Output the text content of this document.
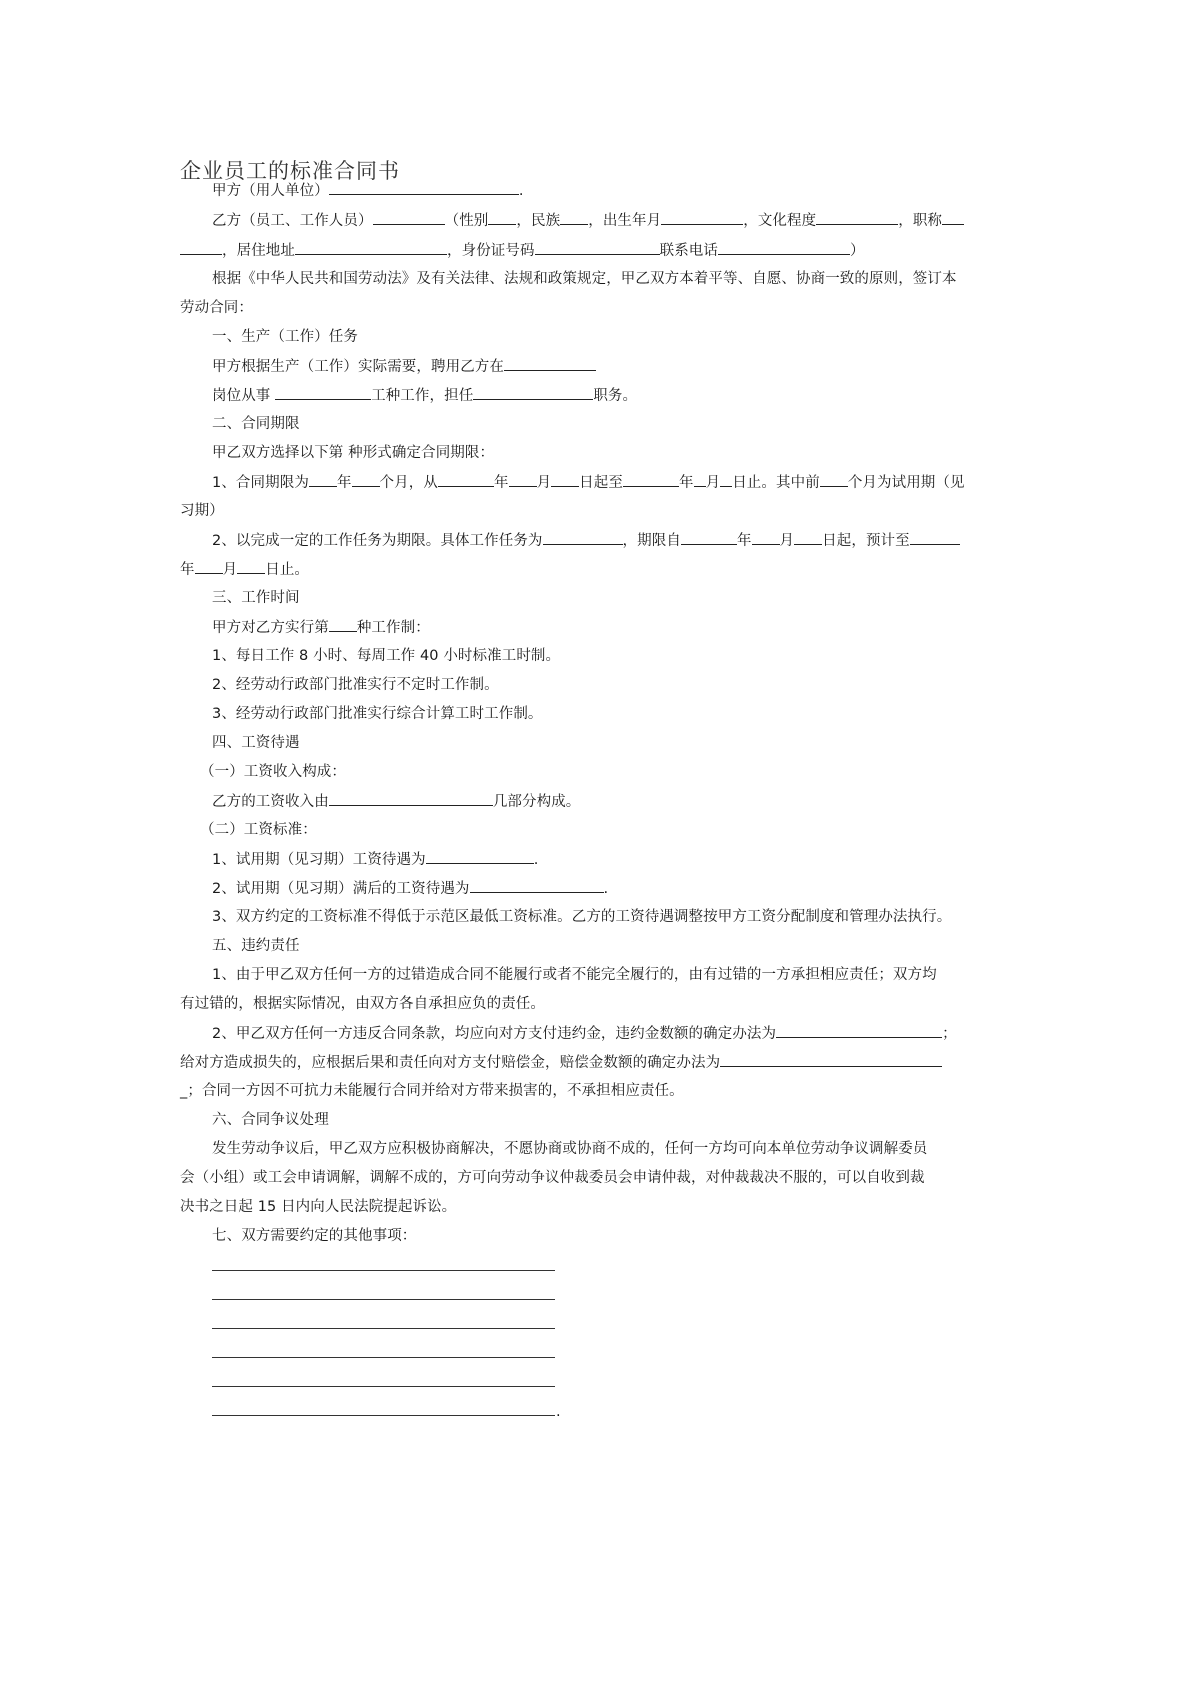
企业员工的标准合同书
甲方（用人单位）	.
乙方（员工、工作人员）	（性别 ，民族 ，出生年月	，文化程度	，职称
，居住地址	，身份证号码	联系电话	）
根据《中华人民共和国劳动法》及有关法律、法规和政策规定，甲乙双方本着平等、自愿、协商一致的原则，签订本
劳动合同：
一、生产（工作）任务
甲方根据生产（工作）实际需要，聘用乙方在
岗位从事	工种工作，担任	职务。
二、合同期限
甲乙双方选择以下第 种形式确定合同期限：
1、合同期限为 年 个月，从	年 月 日起至	年 月 日止。其中前 个月为试用期（见
习期）
2、以完成一定的工作任务为期限。具体工作任务为	，期限自	年 月 日起，预计至
年 月 日止。
三、工作时间
甲方对乙方实行第 种工作制：
1、每日工作 8 小时、每周工作 40 小时标准工时制。
2、经劳动行政部门批准实行不定时工作制。
3、经劳动行政部门批准实行综合计算工时工作制。
四、工资待遇
（一）工资收入构成：
乙方的工资收入由	几部分构成。
（二）工资标准：
1、试用期（见习期）工资待遇为	.
2、试用期（见习期）满后的工资待遇为	.
3、双方约定的工资标准不得低于示范区最低工资标准。乙方的工资待遇调整按甲方工资分配制度和管理办法执行。
五、违约责任
1、由于甲乙双方任何一方的过错造成合同不能履行或者不能完全履行的，由有过错的一方承担相应责任；双方均
有过错的，根据实际情况，由双方各自承担应负的责任。
2、甲乙双方任何一方违反合同条款，均应向对方支付违约金，违约金数额的确定办法为	；
给对方造成损失的，应根据后果和责任向对方支付赔偿金，赔偿金数额的确定办法为
_；合同一方因不可抗力未能履行合同并给对方带来损害的，不承担相应责任。
六、合同争议处理
发生劳动争议后，甲乙双方应积极协商解决，不愿协商或协商不成的，任何一方均可向本单位劳动争议调解委员
会（小组）或工会申请调解，调解不成的，方可向劳动争议仲裁委员会申请仲裁，对仲裁裁决不服的，可以自收到裁
决书之日起 15 日内向人民法院提起诉讼。
七、双方需要约定的其他事项：
.
